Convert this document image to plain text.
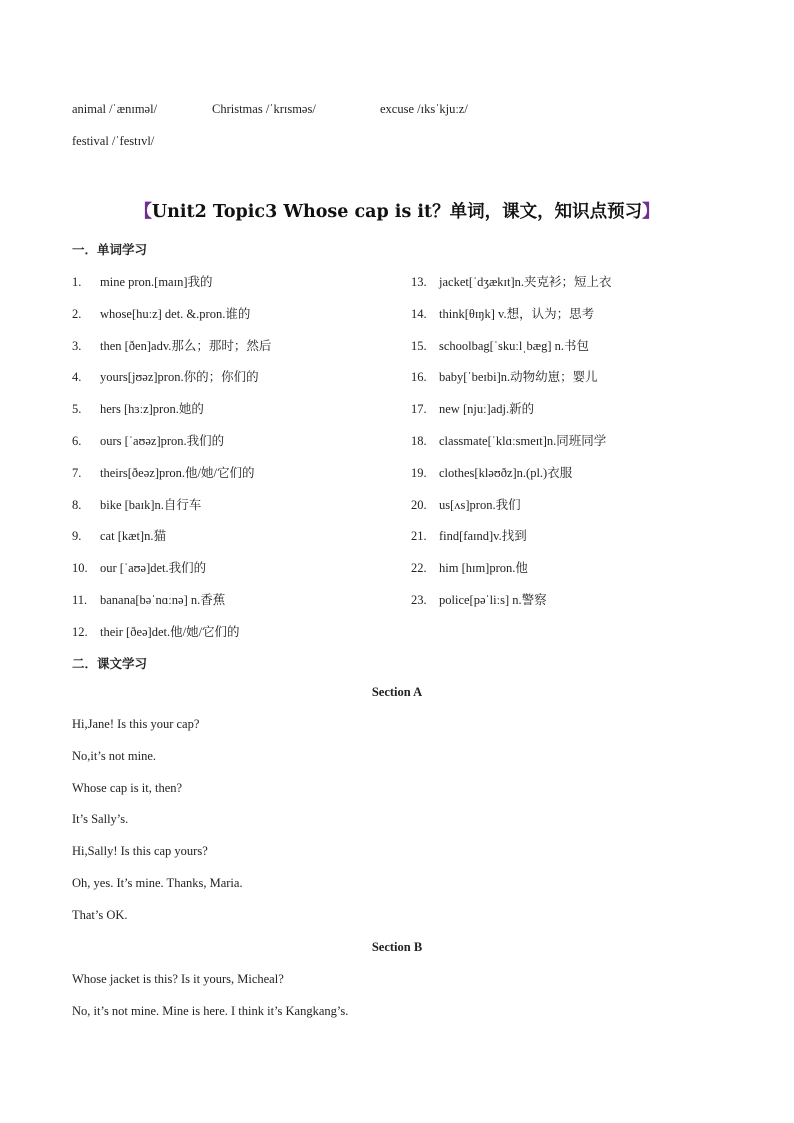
animal /ˈænɪməl/	Christmas /ˈkrɪsməs/	excuse /ɪksˈkjuːz/
festival /ˈfestɪvl/
【Unit2 Topic3 Whose cap is it？单词，课文，知识点预习】
一．单词学习
1. mine pron.[maɪn]我的
2. whose[huːz] det. &.pron.谁的
3. then [ðen]adv.那么；那时；然后
4. yours[jʊəz]pron.你的；你们的
5. hers [hɜːz]pron.她的
6. ours [ˈaʊəz]pron.我们的
7. theirs[ðeəz]pron.他/她/它们的
8. bike [baɪk]n.自行车
9. cat [kæt]n.猫
10. our [ˈaʊə]det.我们的
11. banana[bəˈnɑːnə] n.香蕉
12. their [ðeə]det.他/她/它们的
13. jacket[ˈdʒækɪt]n.夹克衫；短上衣
14. think[θɪŋk] v.想，认为；思考
15. schoolbag[ˈskuːlˌbæg] n.书包
16. baby[ˈbeɪbi]n.动物幼崽；婴儿
17. new [njuː]adj.新的
18. classmate[ˈklɑːsmeɪt]n.同班同学
19. clothes[kləʊðz]n.(pl.)衣服
20. us[ʌs]pron.我们
21. find[faɪnd]v.找到
22. him [hɪm]pron.他
23. police[pəˈliːs] n.警察
二．课文学习
Section A
Hi,Jane! Is this your cap?
No,it’s not mine.
Whose cap is it, then?
It’s Sally’s.
Hi,Sally! Is this cap yours?
Oh, yes. It’s mine. Thanks, Maria.
That’s OK.
Section B
Whose jacket is this? Is it yours, Micheal?
No, it’s not mine. Mine is here. I think it’s Kangkang’s.
